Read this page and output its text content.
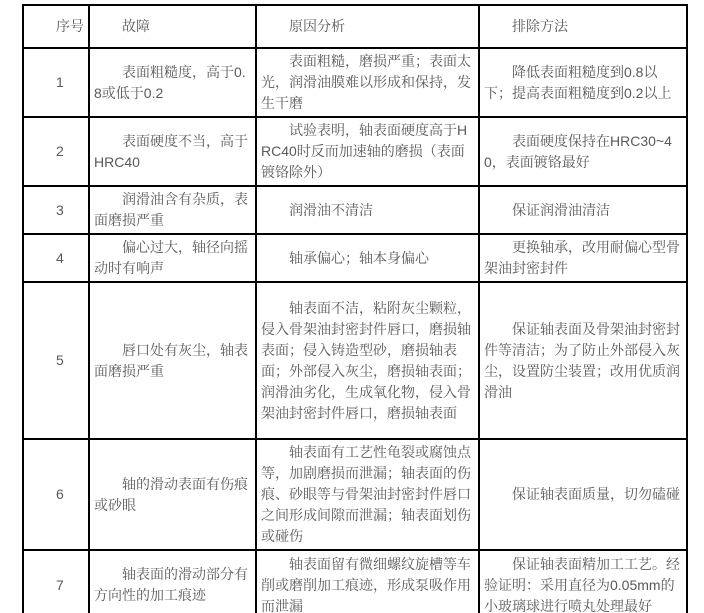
序号	故障	原因分析	排除方法
1	表面粗糙度，高于0.8或低于0.2	表面粗糙，磨损严重；表面太光，润滑油膜难以形成和保持，发生干磨	降低表面粗糙度到0.8以下；提高表面粗糙度到0.2以上
2	表面硬度不当，高于HRC40	试验表明，轴表面硬度高于HRC40时反而加速轴的磨损（表面镀铬除外）	表面硬度保持在HRC30~40，表面镀铬最好
3	润滑油含有杂质，表面磨损严重	润滑油不清洁	保证润滑油清洁
4	偏心过大，轴径向摇动时有响声	轴承偏心；轴本身偏心	更换轴承，改用耐偏心型骨架油封密封件
5	唇口处有灰尘，轴表面磨损严重	轴表面不洁，粘附灰尘颗粒，侵入骨架油封密封件唇口，磨损轴表面；侵入铸造型砂，磨损轴表面；外部侵入灰尘，磨损轴表面；润滑油劣化，生成氧化物，侵入骨架油封密封件唇口，磨损轴表面	保证轴表面及骨架油封密封件等清洁；为了防止外部侵入灰尘，设置防尘装置；改用优质润滑油
6	轴的滑动表面有伤痕或砂眼	轴表面有工艺性龟裂或腐蚀点等，加剧磨损而泄漏；轴表面的伤痕、砂眼等与骨架油封密封件唇口之间形成间隙而泄漏；轴表面划伤或碰伤	保证轴表面质量，切勿磕碰
7	轴表面的滑动部分有方向性的加工痕迹	轴表面留有微细螺纹旋槽等车削或磨削加工痕迹，形成泵吸作用而泄漏	保证轴表面精加工工艺。经验证明：采用直径为0.05mm的小玻璃球进行喷丸处理最好
